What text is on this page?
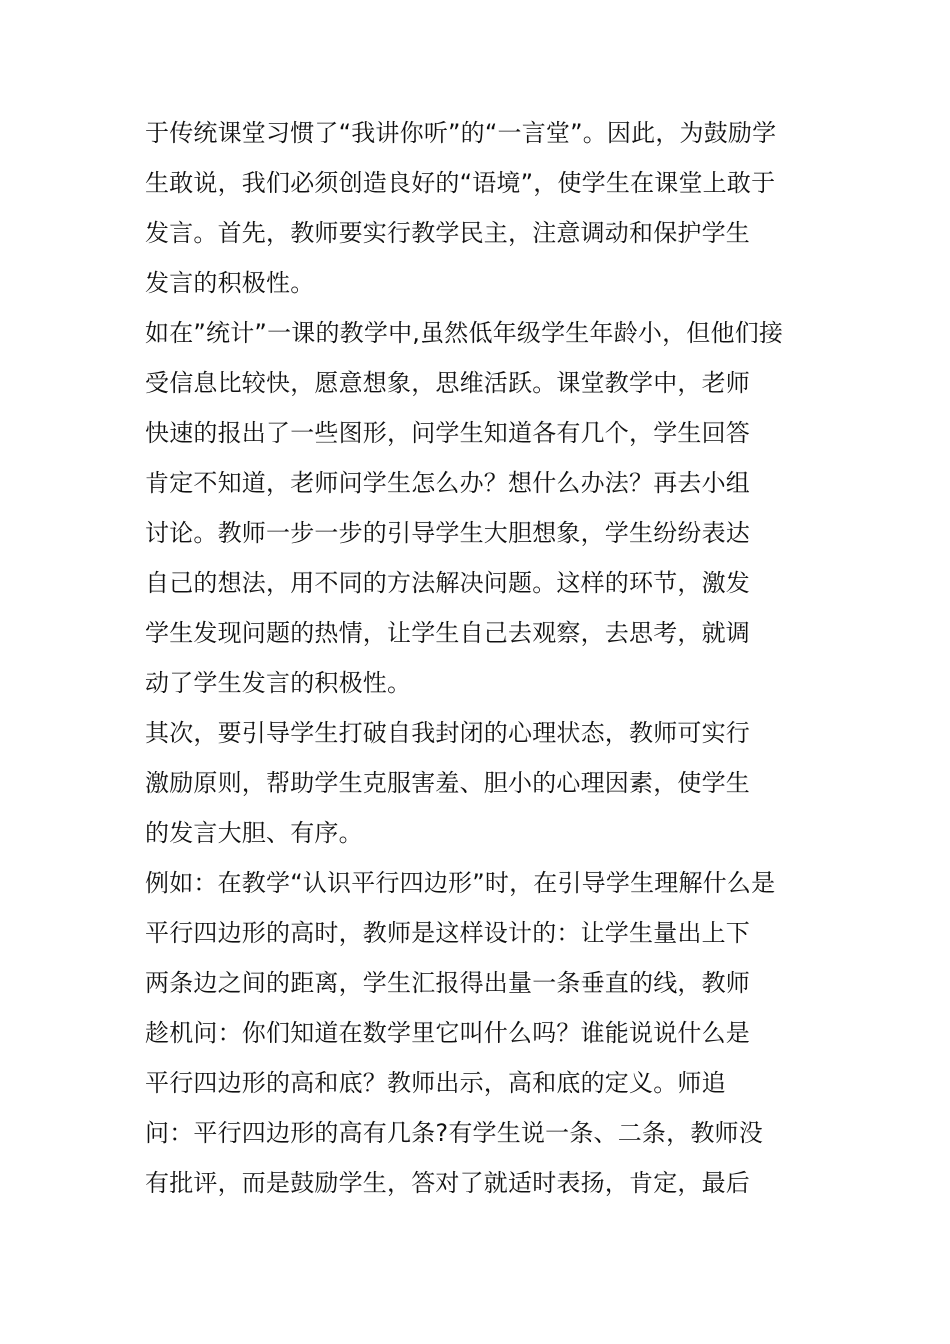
于传统课堂习惯了“我讲你听”的“一言堂”。因此，为鼓励学
生敢说，我们必须创造良好的“语境”，使学生在课堂上敢于
发言。首先，教师要实行教学民主，注意调动和保护学生
发言的积极性。
如在”统计”一课的教学中,虽然低年级学生年龄小，但他们接
受信息比较快，愿意想象，思维活跃。课堂教学中，老师
快速的报出了一些图形，问学生知道各有几个，学生回答
肯定不知道，老师问学生怎么办？想什么办法？再去小组
讨论。教师一步一步的引导学生大胆想象，学生纷纷表达
自己的想法，用不同的方法解决问题。这样的环节，激发
学生发现问题的热情，让学生自己去观察，去思考，就调
动了学生发言的积极性。
其次，要引导学生打破自我封闭的心理状态，教师可实行
激励原则，帮助学生克服害羞、胆小的心理因素，使学生
的发言大胆、有序。
例如：在教学“认识平行四边形”时，在引导学生理解什么是
平行四边形的高时，教师是这样设计的：让学生量出上下
两条边之间的距离，学生汇报得出量一条垂直的线，教师
趁机问：你们知道在数学里它叫什么吗？谁能说说什么是
平行四边形的高和底？教师出示，高和底的定义。师追
问：平行四边形的高有几条?有学生说一条、二条，教师没
有批评，而是鼓励学生，答对了就适时表扬，肯定，最后
